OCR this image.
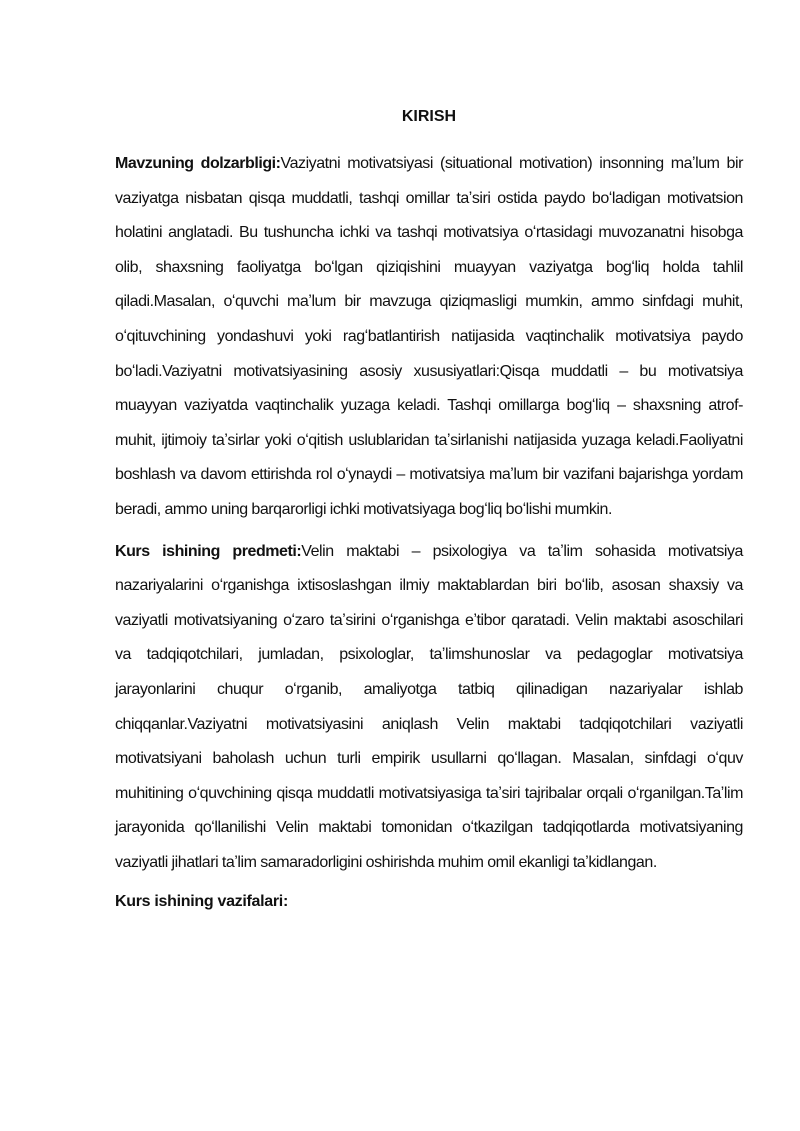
KIRISH

Mavzuning dolzarbligi:Vaziyatni motivatsiyasi (situational motivation) insonning maʼlum bir vaziyatga nisbatan qisqa muddatli, tashqi omillar taʼsiri ostida paydo boʻladigan motivatsion holatini anglatadi. Bu tushuncha ichki va tashqi motivatsiya oʻrtasidagi muvozanatni hisobga olib, shaxsning faoliyatga boʻlgan qiziqishini muayyan vaziyatga bogʻliq holda tahlil qiladi.Masalan, oʻquvchi maʼlum bir mavzuga qiziqmasligi mumkin, ammo sinfdagi muhit, oʻqituvchining yondashuvi yoki ragʻbatlantirish natijasida vaqtinchalik motivatsiya paydo boʻladi.Vaziyatni motivatsiyasining asosiy xususiyatlari:Qisqa muddatli – bu motivatsiya muayyan vaziyatda vaqtinchalik yuzaga keladi. Tashqi omillarga bogʻliq – shaxsning atrof-muhit, ijtimoiy taʼsirlar yoki oʻqitish uslublaridan taʼsirlanishi natijasida yuzaga keladi.Faoliyatni boshlash va davom ettirishda rol oʻynaydi – motivatsiya maʼlum bir vazifani bajarishga yordam beradi, ammo uning barqarorligi ichki motivatsiyaga bogʻliq boʻlishi mumkin.

Kurs ishining predmeti:Velin maktabi – psixologiya va taʼlim sohasida motivatsiya nazariyalarini oʻrganishga ixtisoslashgan ilmiy maktablardan biri boʻlib, asosan shaxsiy va vaziyatli motivatsiyaning oʻzaro taʼsirini oʻrganishga eʼtibor qaratadi. Velin maktabi asoschilari va tadqiqotchilari, jumladan, psixologlar, taʼlimshunoslar va pedagoglar motivatsiya jarayonlarini chuqur oʻrganib, amaliyotga tatbiq qilinadigan nazariyalar ishlab chiqqanlar.Vaziyatni motivatsiyasini aniqlash Velin maktabi tadqiqotchilari vaziyatli motivatsiyani baholash uchun turli empirik usullarni qoʻllagan. Masalan, sinfdagi oʻquv muhitining oʻquvchining qisqa muddatli motivatsiyasiga taʼsiri tajribalar orqali oʻrganilgan.Taʼlim jarayonida qoʻllanilishi Velin maktabi tomonidan oʻtkazilgan tadqiqotlarda motivatsiyaning vaziyatli jihatlari taʼlim samaradorligini oshirishda muhim omil ekanligi taʼkidlangan.

Kurs ishining vazifalari:
